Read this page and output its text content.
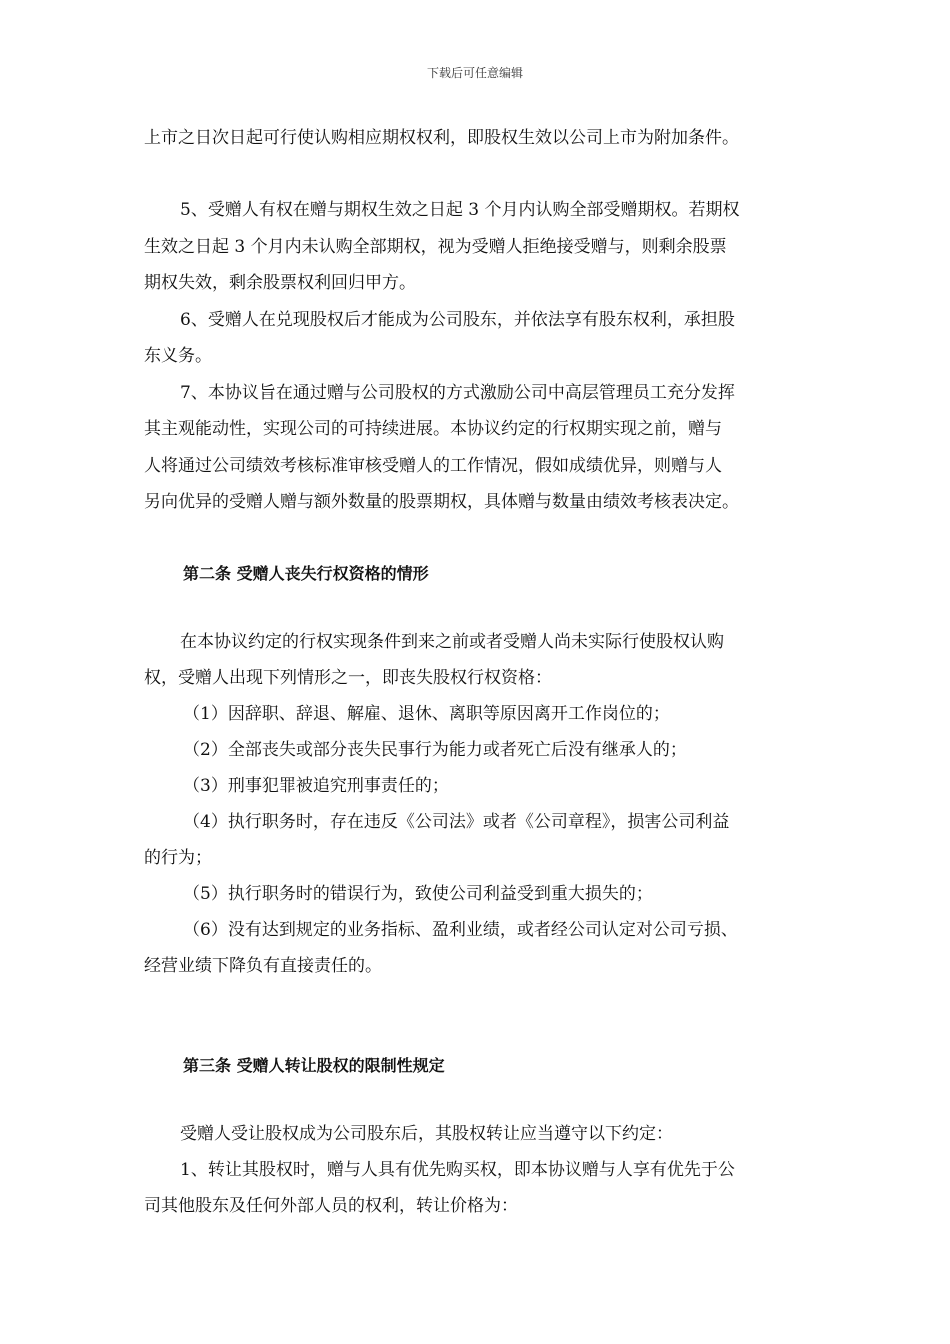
下载后可任意编辑
上市之日次日起可行使认购相应期权权利，即股权生效以公司上市为附加条件。
5、受赠人有权在赠与期权生效之日起 3 个月内认购全部受赠期权。若期权
生效之日起 3 个月内未认购全部期权，视为受赠人拒绝接受赠与，则剩余股票
期权失效，剩余股票权利回归甲方。
6、受赠人在兑现股权后才能成为公司股东，并依法享有股东权利，承担股
东义务。
7、本协议旨在通过赠与公司股权的方式激励公司中高层管理员工充分发挥
其主观能动性，实现公司的可持续进展。本协议约定的行权期实现之前，赠与
人将通过公司绩效考核标准审核受赠人的工作情况，假如成绩优异，则赠与人
另向优异的受赠人赠与额外数量的股票期权，具体赠与数量由绩效考核表决定。
第二条 受赠人丧失行权资格的情形
在本协议约定的行权实现条件到来之前或者受赠人尚未实际行使股权认购
权，受赠人出现下列情形之一，即丧失股权行权资格：
（1）因辞职、辞退、解雇、退休、离职等原因离开工作岗位的；
（2）全部丧失或部分丧失民事行为能力或者死亡后没有继承人的；
（3）刑事犯罪被追究刑事责任的；
（4）执行职务时，存在违反《公司法》或者《公司章程》，损害公司利益
的行为；
（5）执行职务时的错误行为，致使公司利益受到重大损失的；
（6）没有达到规定的业务指标、盈利业绩，或者经公司认定对公司亏损、
经营业绩下降负有直接责任的。
第三条 受赠人转让股权的限制性规定
受赠人受让股权成为公司股东后，其股权转让应当遵守以下约定：
1、转让其股权时，赠与人具有优先购买权，即本协议赠与人享有优先于公
司其他股东及任何外部人员的权利，转让价格为：
